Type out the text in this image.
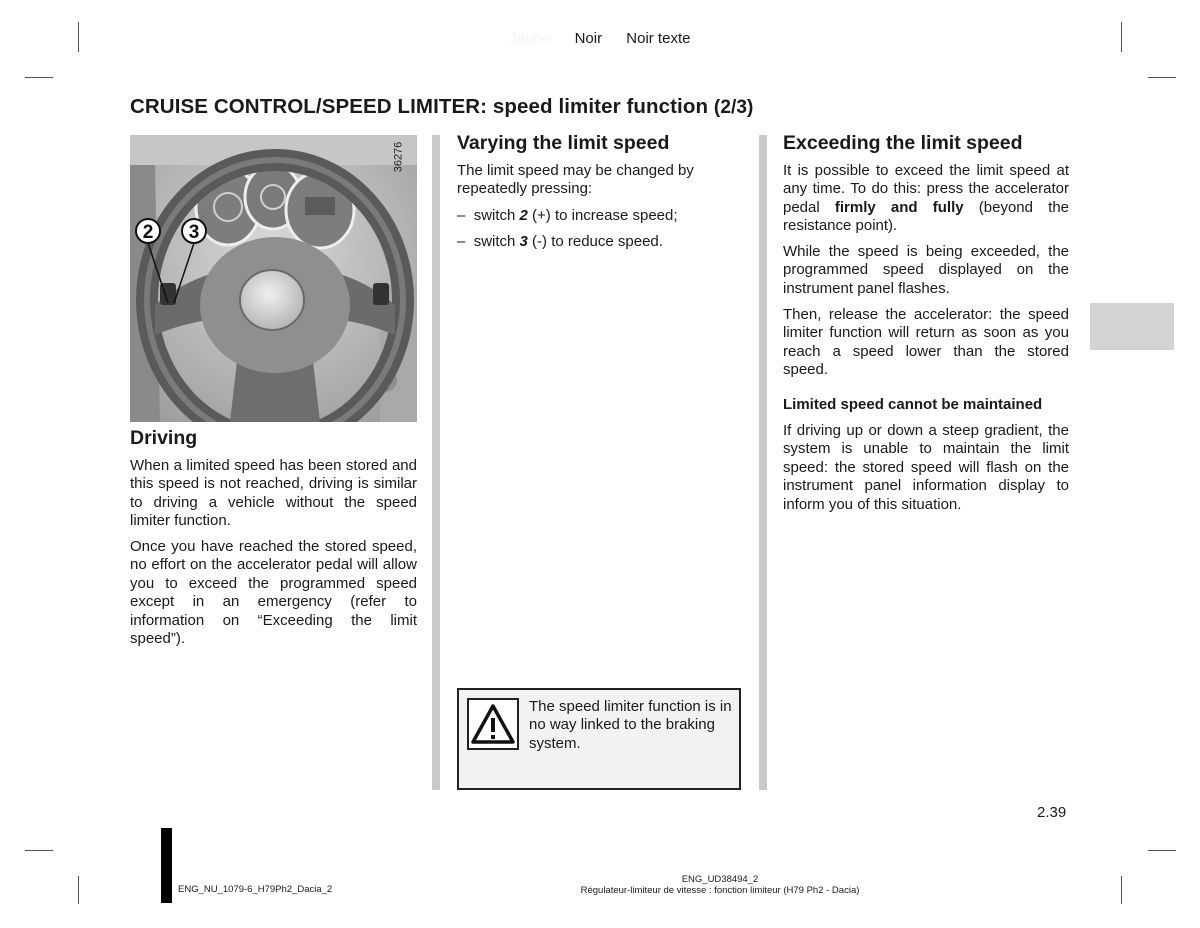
Jaune Noir Noir texte
CRUISE CONTROL/SPEED LIMITER: speed limiter function (2/3)
2 3
36276
Driving

When a limited speed has been stored and this speed is not reached, driving is similar to driving a vehicle without the speed limiter function.

Once you have reached the stored speed, no effort on the accelerator pedal will allow you to exceed the programmed speed except in an emergency (refer to information on “Exceeding the limit speed”).

Varying the limit speed

The limit speed may be changed by repeatedly pressing:

– switch 2 (+) to increase speed;
– switch 3 (-) to reduce speed.

The speed limiter function is in no way linked to the braking system.

Exceeding the limit speed

It is possible to exceed the limit speed at any time. To do this: press the accelerator pedal firmly and fully (beyond the resistance point).

While the speed is being exceeded, the programmed speed displayed on the instrument panel flashes.

Then, release the accelerator: the speed limiter function will return as soon as you reach a speed lower than the stored speed.

Limited speed cannot be maintained

If driving up or down a steep gradient, the system is unable to maintain the limit speed: the stored speed will flash on the instrument panel information display to inform you of this situation.

2.39
ENG_NU_1079-6_H79Ph2_Dacia_2
ENG_UD38494_2
Régulateur-limiteur de vitesse : fonction limiteur (H79 Ph2 - Dacia)
